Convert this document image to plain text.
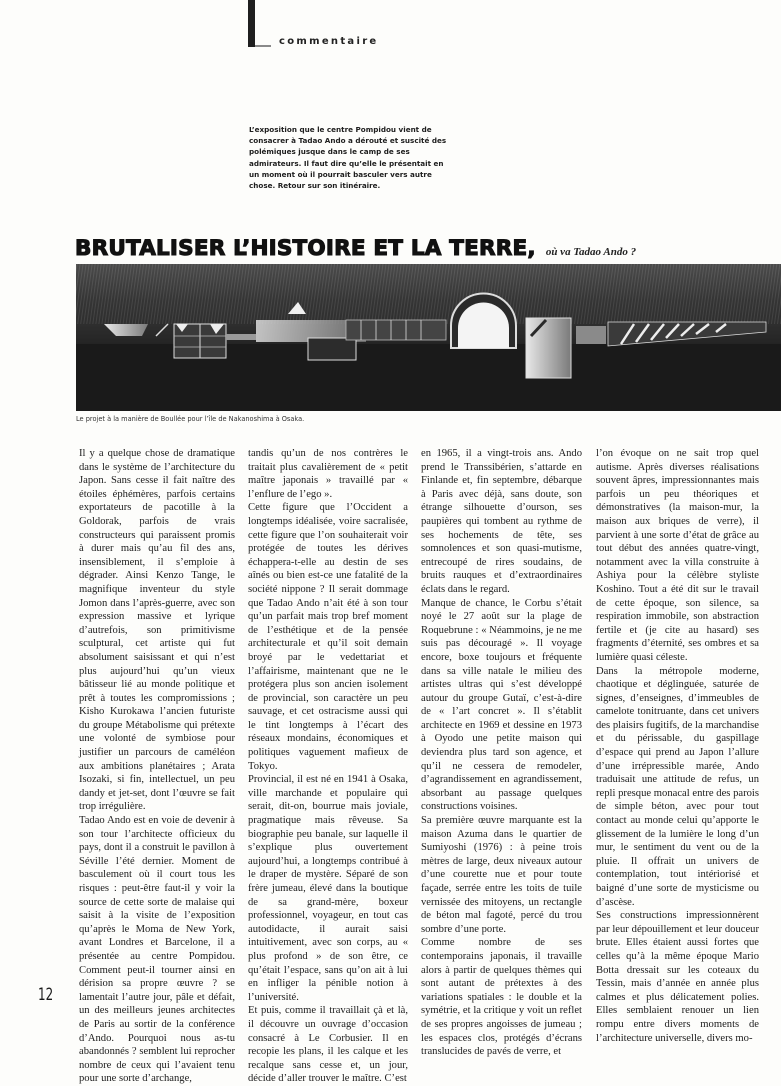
commentaire
L’exposition que le centre Pompidou vient de consacrer à Tadao Ando a dérouté et suscité des polémiques jusque dans le camp de ses admirateurs. Il faut dire qu’elle le présentait en un moment où il pourrait basculer vers autre chose. Retour sur son itinéraire.
BRUTALISER L’HISTOIRE ET LA TERRE, où va Tadao Ando ?
Le projet à la manière de Boullée pour l’île de Nakanoshima à Osaka.

Il y a quelque chose de dramatique dans le système de l’architecture du Japon. Sans cesse il fait naître des étoiles éphémères, parfois certains exportateurs de pacotille à la Goldorak, parfois de vrais constructeurs qui paraissent promis à durer mais qu’au fil des ans, insensiblement, il s’emploie à dégrader. Ainsi Kenzo Tange, le magnifique inventeur du style Jomon dans l’après-guerre, avec son expression massive et lyrique d’autrefois, son primitivisme sculptural, cet artiste qui fut absolument saisissant et qui n’est plus aujourd’hui qu’un vieux bâtisseur lié au monde politique et prêt à toutes les compromissions ; Kisho Kurokawa l’ancien futuriste du groupe Métabolisme qui prétexte une volonté de symbiose pour justifier un parcours de caméléon aux ambitions planétaires ; Arata Isozaki, si fin, intellectuel, un peu dandy et jet-set, dont l’œuvre se fait trop irrégulière.

Tadao Ando est en voie de devenir à son tour l’architecte officieux du pays, dont il a construit le pavillon à Séville l’été dernier. Moment de basculement où il court tous les risques : peut-être faut-il y voir la source de cette sorte de malaise qui saisit à la visite de l’exposition qu’après le Moma de New York, avant Londres et Barcelone, il a présentée au centre Pompidou. Comment peut-il tourner ainsi en dérision sa propre œuvre ? se lamentait l’autre jour, pâle et défait, un des meilleurs jeunes architectes de Paris au sortir de la conférence d’Ando. Pourquoi nous as-tu abandonnés ? semblent lui reprocher nombre de ceux qui l’avaient tenu pour une sorte d’archange,

tandis qu’un de nos contrères le traitait plus cavalièrement de « petit maître japonais » travaillé par « l’enflure de l’ego ».

Cette figure que l’Occident a longtemps idéalisée, voire sacralisée, cette figure que l’on souhaiterait voir protégée de toutes les dérives échappera-t-elle au destin de ses aînés ou bien est-ce une fatalité de la société nippone ? Il serait dommage que Tadao Ando n’ait été à son tour qu’un parfait mais trop bref moment de l’esthétique et de la pensée architecturale et qu’il soit demain broyé par le vedettariat et l’affairisme, maintenant que ne le protégera plus son ancien isolement de provincial, son caractère un peu sauvage, et cet ostracisme aussi qui le tint longtemps à l’écart des réseaux mondains, économiques et politiques vaguement mafieux de Tokyo.

Provincial, il est né en 1941 à Osaka, ville marchande et populaire qui serait, dit-on, bourrue mais joviale, pragmatique mais rêveuse. Sa biographie peu banale, sur laquelle il s’explique plus ouvertement aujourd’hui, a longtemps contribué à le draper de mystère. Séparé de son frère jumeau, élevé dans la boutique de sa grand-mère, boxeur professionnel, voyageur, en tout cas autodidacte, il aurait saisi intuitivement, avec son corps, au « plus profond » de son être, ce qu’était l’espace, sans qu’on ait à lui en infliger la pénible notion à l’université.

Et puis, comme il travaillait çà et là, il découvre un ouvrage d’occasion consacré à Le Corbusier. Il en recopie les plans, il les calque et les recalque sans cesse et, un jour, décide d’aller trouver le maître. C’est

en 1965, il a vingt-trois ans. Ando prend le Transsibérien, s’attarde en Finlande et, fin septembre, débarque à Paris avec déjà, sans doute, son étrange silhouette d’ourson, ses paupières qui tombent au rythme de ses hochements de tête, ses somnolences et son quasi-mutisme, entrecoupé de rires soudains, de bruits rauques et d’extraordinaires éclats dans le regard.

Manque de chance, le Corbu s’était noyé le 27 août sur la plage de Roquebrune : « Néammoins, je ne me suis pas découragé ». Il voyage encore, boxe toujours et fréquente dans sa ville natale le milieu des artistes ultras qui s’est développé autour du groupe Gutaï, c’est-à-dire de « l’art concret ». Il s’établit architecte en 1969 et dessine en 1973 à Oyodo une petite maison qui deviendra plus tard son agence, et qu’il ne cessera de remodeler, d’agrandissement en agrandissement, absorbant au passage quelques constructions voisines.

Sa première œuvre marquante est la maison Azuma dans le quartier de Sumiyoshi (1976) : à peine trois mètres de large, deux niveaux autour d’une courette nue et pour toute façade, serrée entre les toits de tuile vernissée des mitoyens, un rectangle de béton mal fagoté, percé du trou sombre d’une porte.

Comme nombre de ses contemporains japonais, il travaille alors à partir de quelques thèmes qui sont autant de prétextes à des variations spatiales : le double et la symétrie, et la critique y voit un reflet de ses propres angoisses de jumeau ; les espaces clos, protégés d’écrans translucides de pavés de verre, et

l’on évoque on ne sait trop quel autisme. Après diverses réalisations souvent âpres, impressionnantes mais parfois un peu théoriques et démonstratives (la maison-mur, la maison aux briques de verre), il parvient à une sorte d’état de grâce au tout début des années quatre-vingt, notamment avec la villa construite à Ashiya pour la célèbre styliste Koshino. Tout a été dit sur le travail de cette époque, son silence, sa respiration immobile, son abstraction fertile et (je cite au hasard) ses fragments d’éternité, ses ombres et sa lumière quasi céleste.

Dans la métropole moderne, chaotique et déglinguée, saturée de signes, d’enseignes, d’immeubles de camelote tonitruante, dans cet univers des plaisirs fugitifs, de la marchandise et du périssable, du gaspillage d’espace qui prend au Japon l’allure d’une irrépressible marée, Ando traduisait une attitude de refus, un repli presque monacal entre des parois de simple béton, avec pour tout contact au monde celui qu’apporte le glissement de la lumière le long d’un mur, le sentiment du vent ou de la pluie. Il offrait un univers de contemplation, tout intériorisé et baigné d’une sorte de mysticisme ou d’ascèse.

Ses constructions impressionnèrent par leur dépouillement et leur douceur brute. Elles étaient aussi fortes que celles qu’à la même époque Mario Botta dressait sur les coteaux du Tessin, mais d’année en année plus calmes et plus délicatement polies. Elles semblaient renouer un lien rompu entre divers moments de l’architecture universelle, divers mo-

12
